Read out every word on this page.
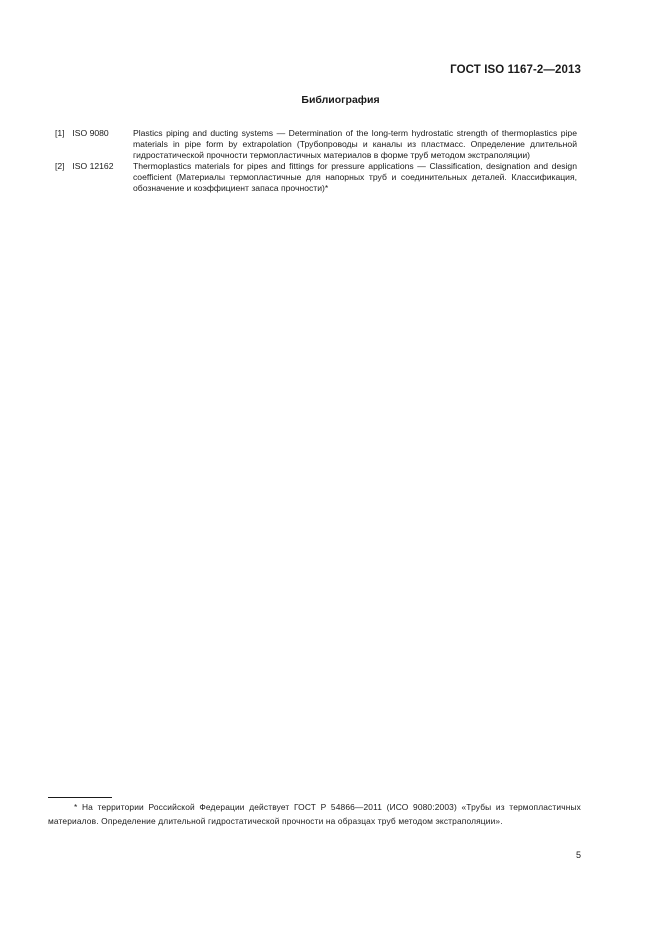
ГОСТ ISO 1167-2—2013
Библиография
[1] ISO 9080	Plastics piping and ducting systems — Determination of the long-term hydrostatic strength of thermoplastics pipe materials in pipe form by extrapolation (Трубопроводы и каналы из пластмасс. Определение длительной гидростатической прочности термопластичных материалов в форме труб методом экстраполяции)
[2] ISO 12162	Thermoplastics materials for pipes and fittings for pressure applications — Classification, designation and design coefficient (Материалы термопластичные для напорных труб и соединительных деталей. Классификация, обозначение и коэффициент запаса прочности)*
* На территории Российской Федерации действует ГОСТ Р 54866—2011 (ИСО 9080:2003) «Трубы из термопластичных материалов. Определение длительной гидростатической прочности на образцах труб методом экстраполяции».
5
